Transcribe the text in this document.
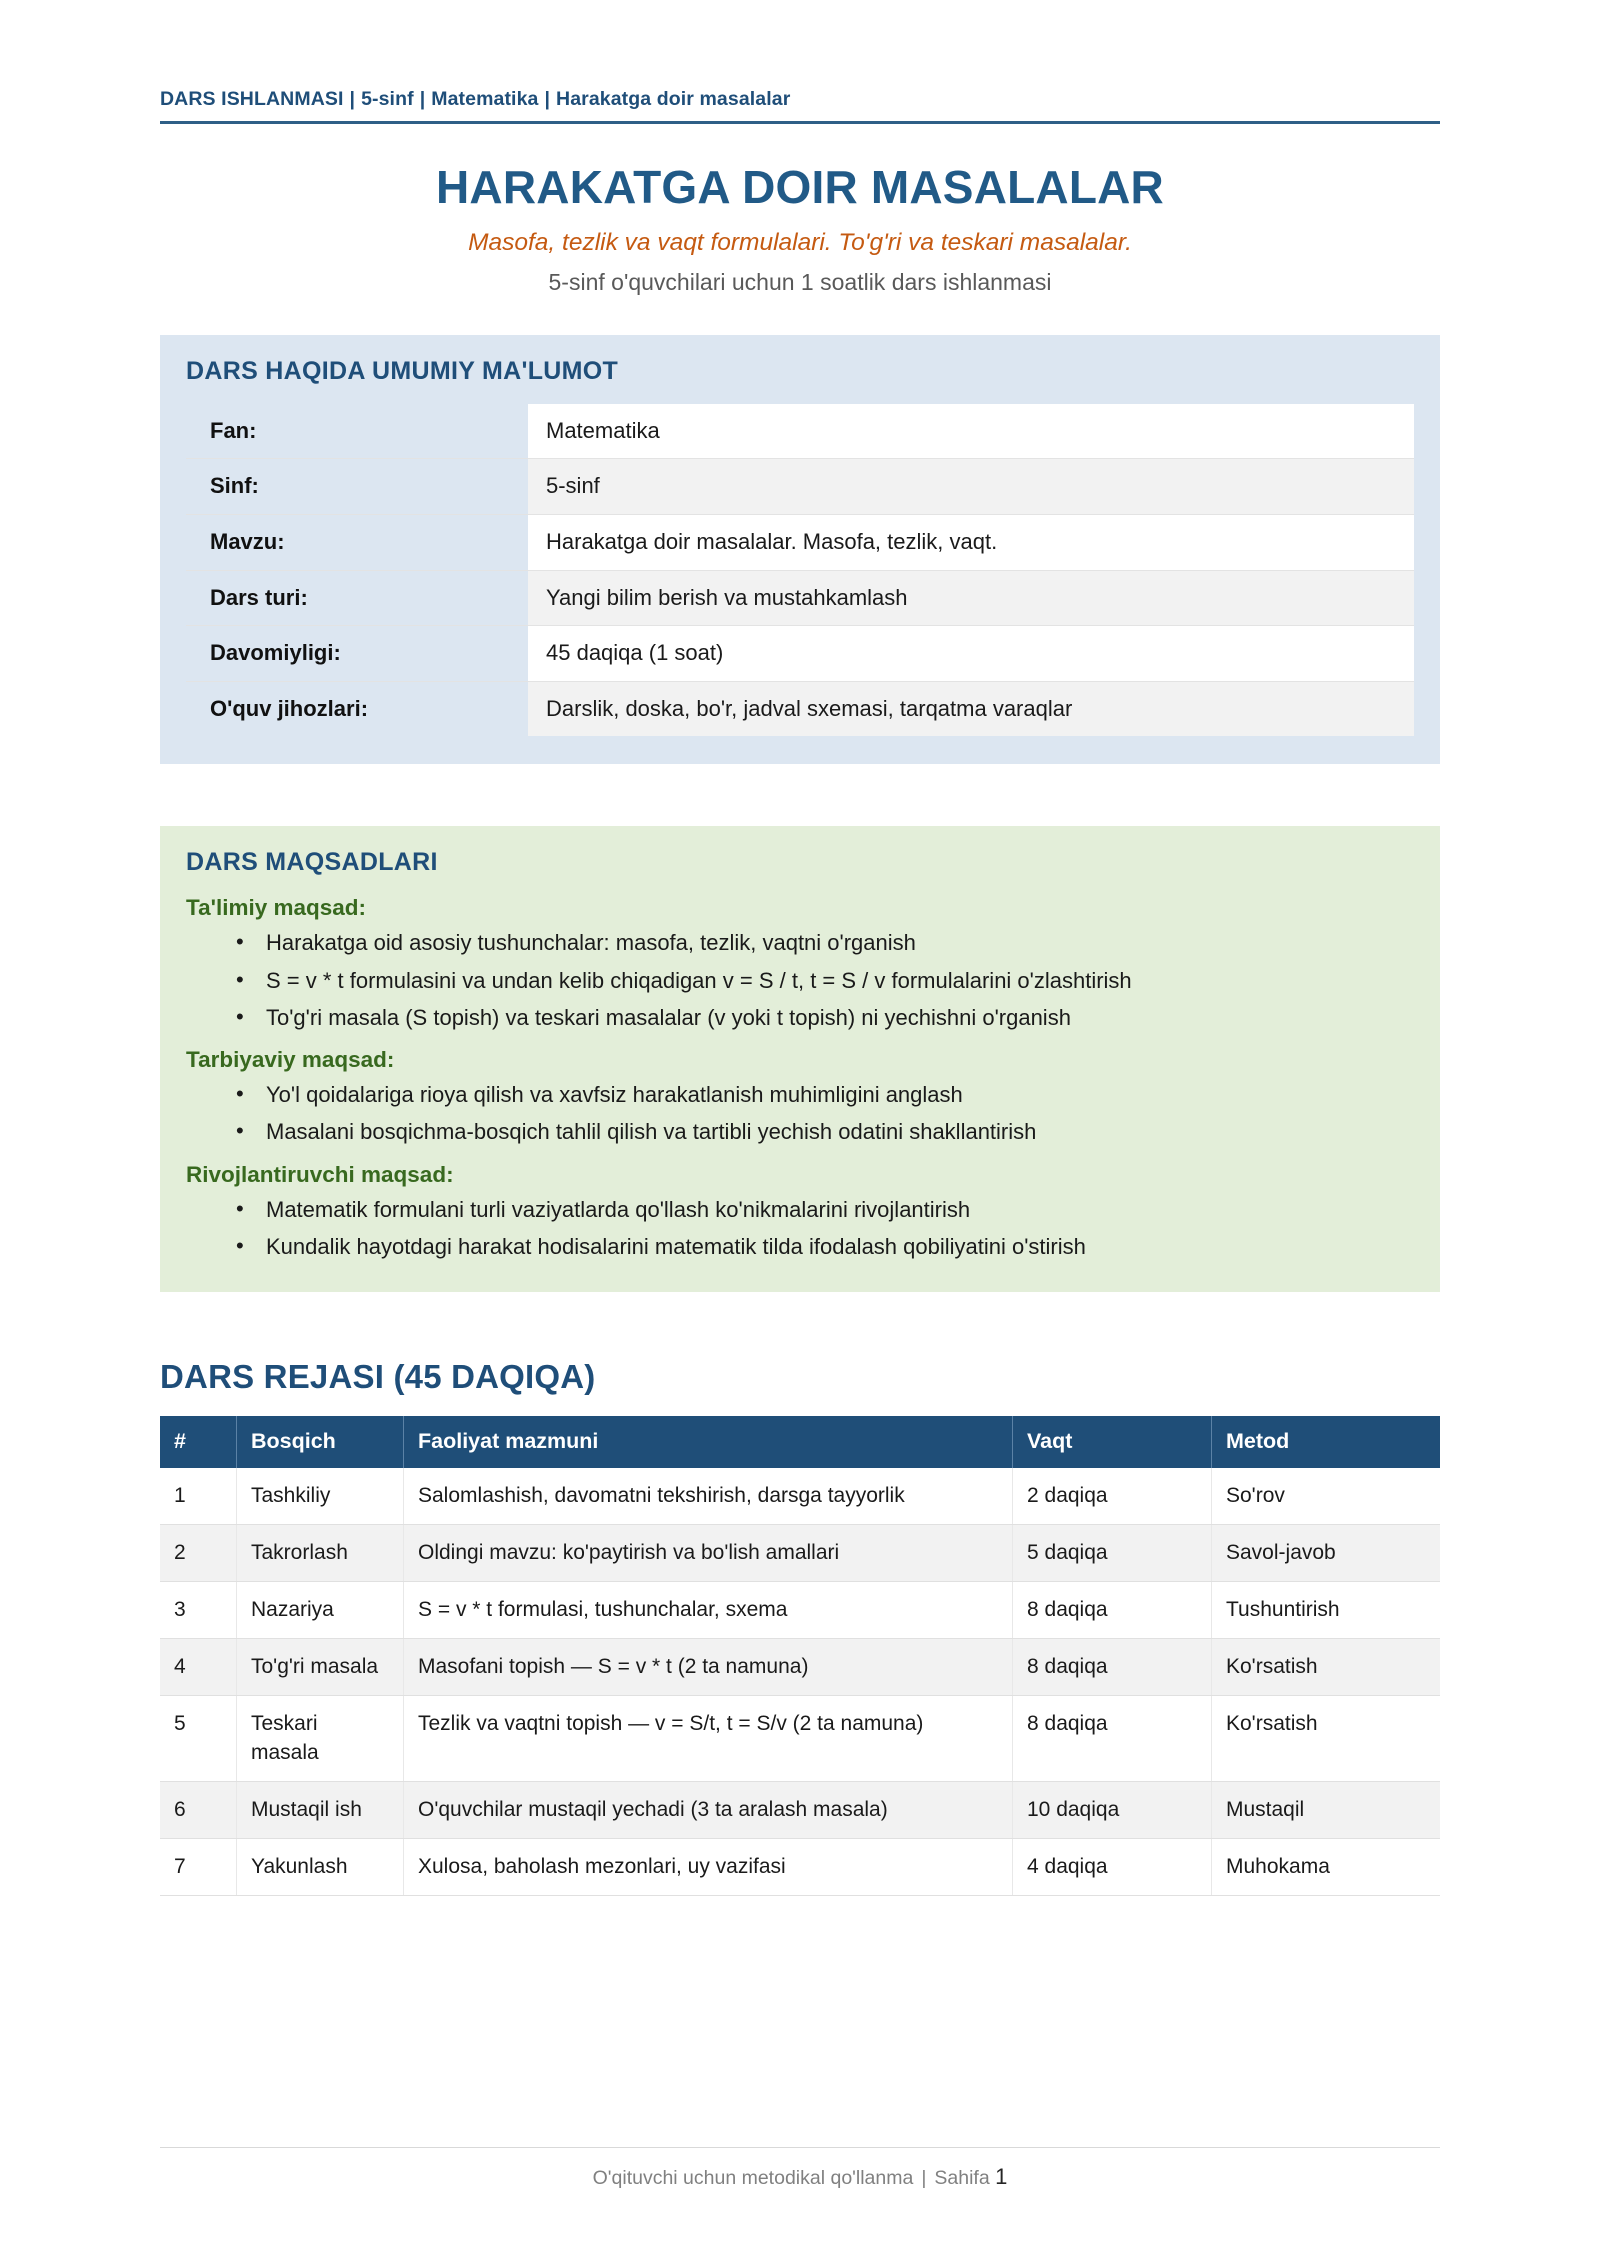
DARS ISHLANMASI | 5-sinf | Matematika | Harakatga doir masalalar
HARAKATGA DOIR MASALALAR
Masofa, tezlik va vaqt formulalari. To'g'ri va teskari masalalar.
5-sinf o'quvchilari uchun 1 soatlik dars ishlanmasi
DARS HAQIDA UMUMIY MA'LUMOT
Fan:	Matematika
Sinf:	5-sinf
Mavzu:	Harakatga doir masalalar. Masofa, tezlik, vaqt.
Dars turi:	Yangi bilim berish va mustahkamlash
Davomiyligi:	45 daqiqa (1 soat)
O'quv jihozlari:	Darslik, doska, bo'r, jadval sxemasi, tarqatma varaqlar
DARS MAQSADLARI
Ta'limiy maqsad:
• Harakatga oid asosiy tushunchalar: masofa, tezlik, vaqtni o'rganish
• S = v * t formulasini va undan kelib chiqadigan v = S / t, t = S / v formulalarini o'zlashtirish
• To'g'ri masala (S topish) va teskari masalalar (v yoki t topish) ni yechishni o'rganish
Tarbiyaviy maqsad:
• Yo'l qoidalariga rioya qilish va xavfsiz harakatlanish muhimligini anglash
• Masalani bosqichma-bosqich tahlil qilish va tartibli yechish odatini shakllantirish
Rivojlantiruvchi maqsad:
• Matematik formulani turli vaziyatlarda qo'llash ko'nikmalarini rivojlantirish
• Kundalik hayotdagi harakat hodisalarini matematik tilda ifodalash qobiliyatini o'stirish
DARS REJASI (45 DAQIQA)
#	Bosqich	Faoliyat mazmuni	Vaqt	Metod
1	Tashkiliy	Salomlashish, davomatni tekshirish, darsga tayyorlik	2 daqiqa	So'rov
2	Takrorlash	Oldingi mavzu: ko'paytirish va bo'lish amallari	5 daqiqa	Savol-javob
3	Nazariya	S = v * t formulasi, tushunchalar, sxema	8 daqiqa	Tushuntirish
4	To'g'ri masala	Masofani topish — S = v * t (2 ta namuna)	8 daqiqa	Ko'rsatish
5	Teskari masala	Tezlik va vaqtni topish — v = S/t, t = S/v (2 ta namuna)	8 daqiqa	Ko'rsatish
6	Mustaqil ish	O'quvchilar mustaqil yechadi (3 ta aralash masala)	10 daqiqa	Mustaqil
7	Yakunlash	Xulosa, baholash mezonlari, uy vazifasi	4 daqiqa	Muhokama
O'qituvchi uchun metodikal qo'llanma | Sahifa 1
